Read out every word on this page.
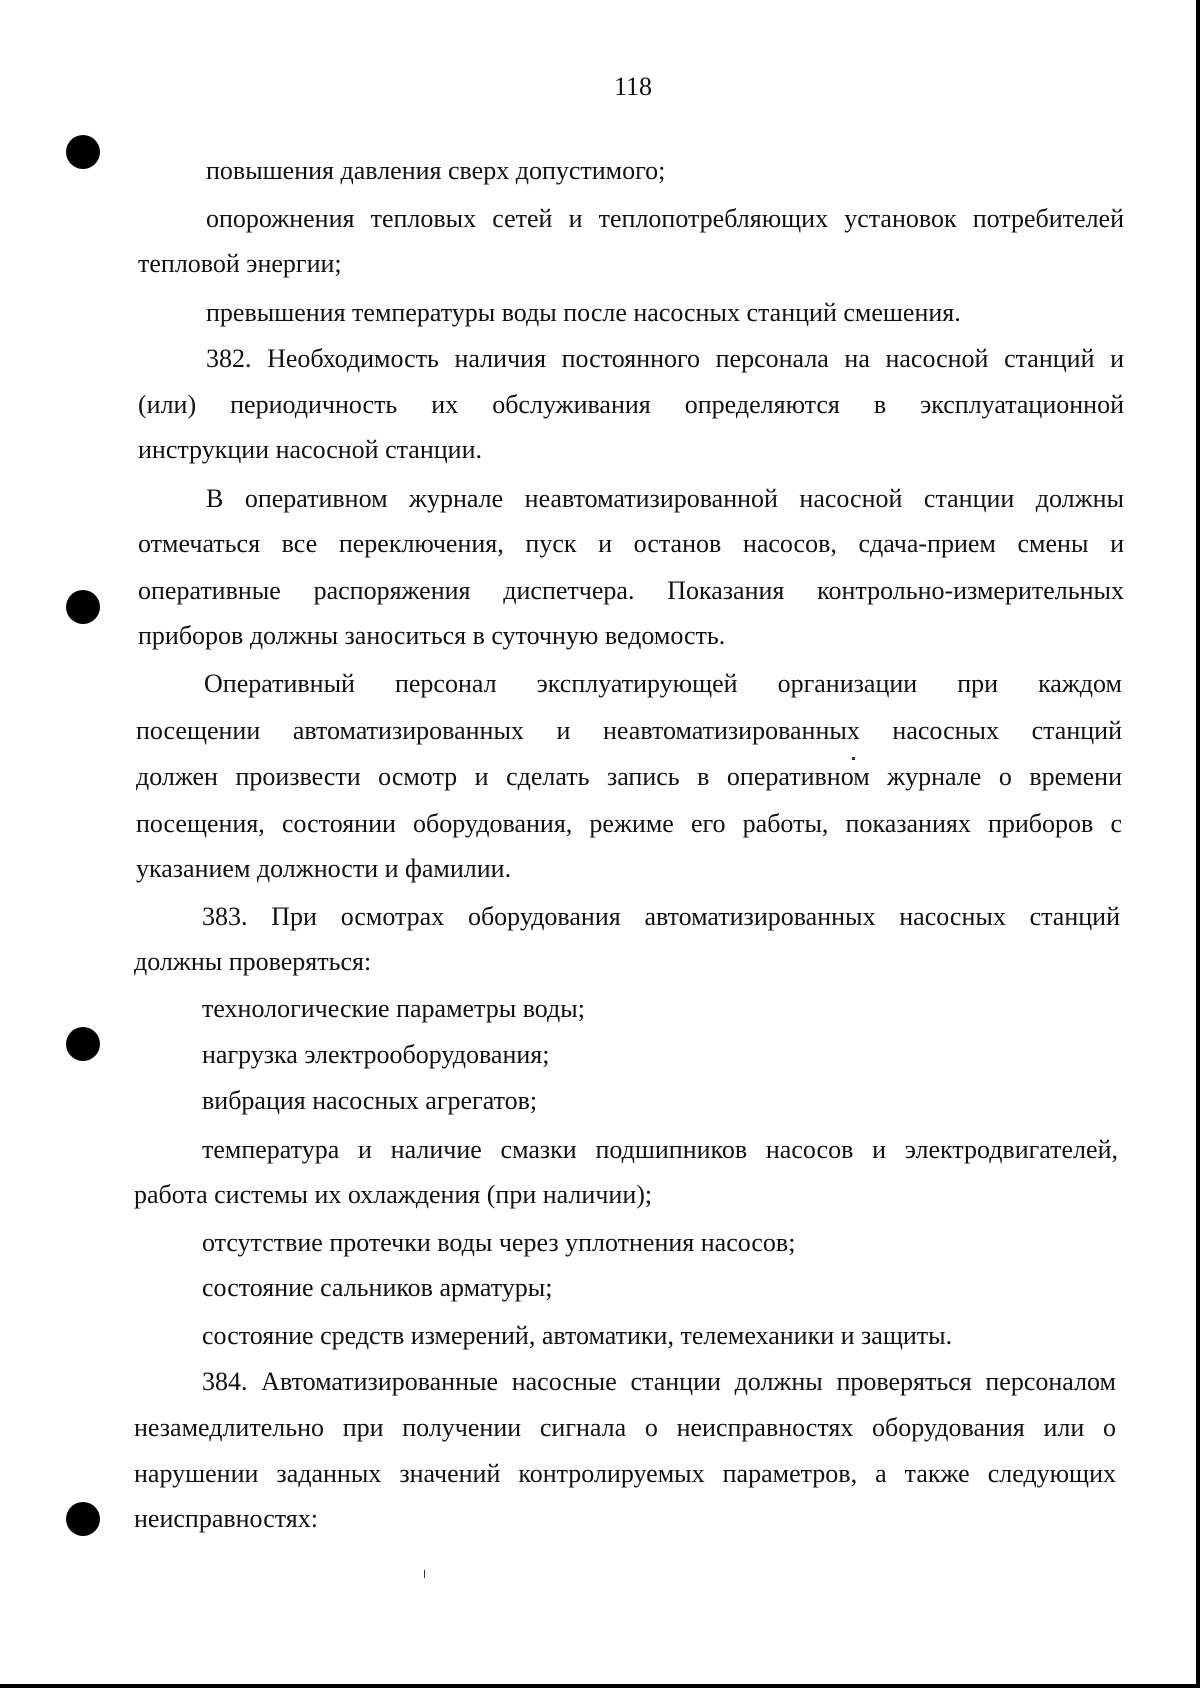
118
повышения давления сверх допустимого;
опорожнения тепловых сетей и теплопотребляющих установок потребителей
тепловой энергии;
превышения температуры воды после насосных станций смешения.
382. Необходимость наличия постоянного персонала на насосной станций и
(или) периодичность их обслуживания определяются в эксплуатационной
инструкции насосной станции.
В оперативном журнале неавтоматизированной насосной станции должны
отмечаться все переключения, пуск и останов насосов, сдача-прием смены и
оперативные распоряжения диспетчера. Показания контрольно-измерительных
приборов должны заноситься в суточную ведомость.
Оперативный персонал эксплуатирующей организации при каждом
посещении автоматизированных и неавтоматизированных насосных станций
должен произвести осмотр и сделать запись в оперативном журнале о времени
посещения, состоянии оборудования, режиме его работы, показаниях приборов с
указанием должности и фамилии.
383. При осмотрах оборудования автоматизированных насосных станций
должны проверяться:
технологические параметры воды;
нагрузка электрооборудования;
вибрация насосных агрегатов;
температура и наличие смазки подшипников насосов и электродвигателей,
работа системы их охлаждения (при наличии);
отсутствие протечки воды через уплотнения насосов;
состояние сальников арматуры;
состояние средств измерений, автоматики, телемеханики и защиты.
384. Автоматизированные насосные станции должны проверяться персоналом
незамедлительно при получении сигнала о неисправностях оборудования или о
нарушении заданных значений контролируемых параметров, а также следующих
неисправностях:
